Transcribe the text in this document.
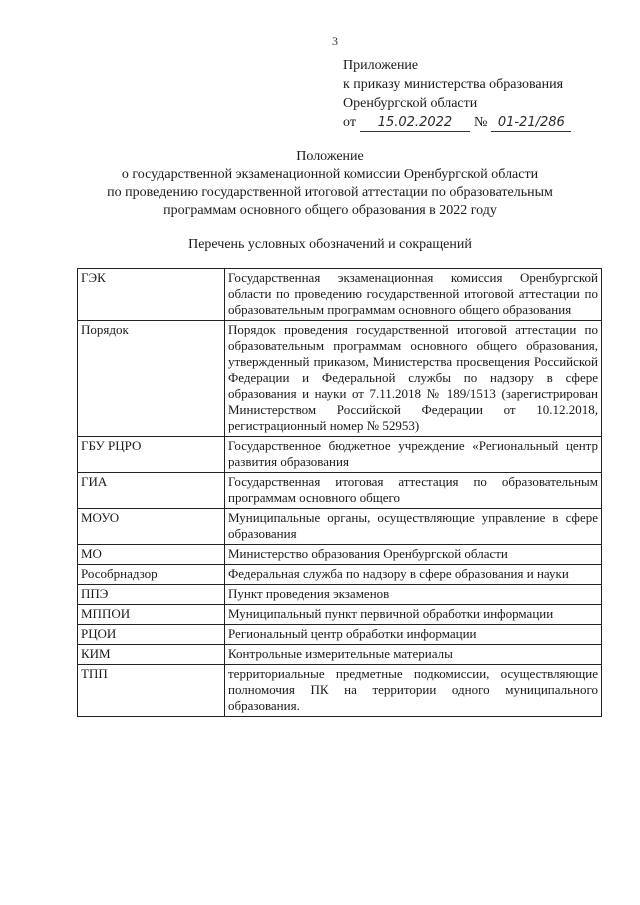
3
Приложение
к приказу министерства образования
Оренбургской области
от	15.02.2022	№ 01-21/286
Положение
о государственной экзаменационной комиссии Оренбургской области
по проведению государственной итоговой аттестации по образовательным
программам основного общего образования в 2022 году
Перечень условных обозначений и сокращений
ГЭК	Государственная экзаменационная комиссия Оренбургской области по проведению государственной итоговой аттестации по образовательным программам основного общего образования
Порядок	Порядок проведения государственной итоговой аттестации по образовательным программам основного общего образования, утвержденный приказом, Министерства просвещения Российской Федерации и Федеральной службы по надзору в сфере образования и науки от 7.11.2018 № 189/1513 (зарегистрирован Министерством Российской Федерации от 10.12.2018, регистрационный номер № 52953)
ГБУ РЦРО	Государственное бюджетное учреждение «Региональный центр развития образования
ГИА	Государственная итоговая аттестация по образовательным программам основного общего
МОУО	Муниципальные органы, осуществляющие управление в сфере образования
МО	Министерство образования Оренбургской области
Рособрнадзор	Федеральная служба по надзору в сфере образования и науки
ППЭ	Пункт проведения экзаменов
МППОИ	Муниципальный пункт первичной обработки информации
РЦОИ	Региональный центр обработки информации
КИМ	Контрольные измерительные материалы
ТПП	территориальные предметные подкомиссии, осуществляющие полномочия ПК на территории одного муниципального образования.
